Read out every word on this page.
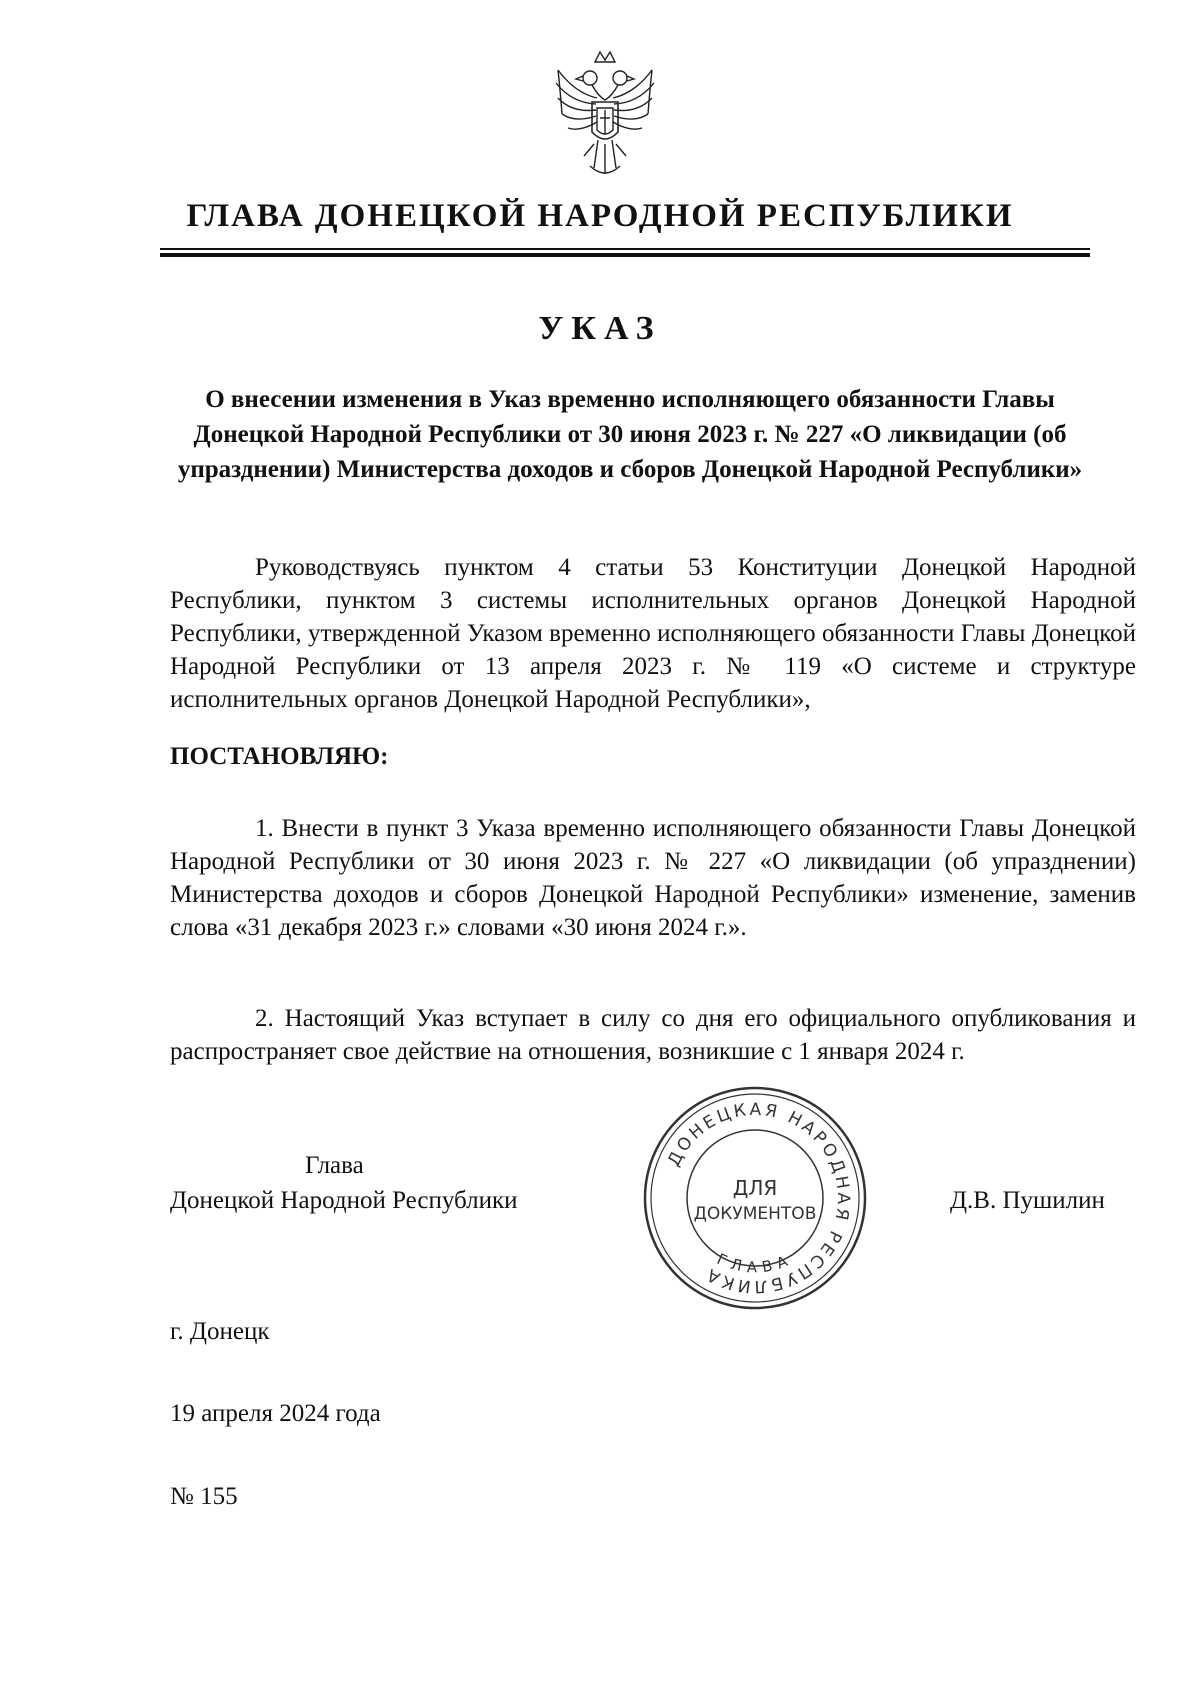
ГЛАВА ДОНЕЦКОЙ НАРОДНОЙ РЕСПУБЛИКИ
УКАЗ
О внесении изменения в Указ временно исполняющего обязанности Главы Донецкой Народной Республики от 30 июня 2023 г. № 227 «О ликвидации (об упразднении) Министерства доходов и сборов Донецкой Народной Республики»
Руководствуясь пунктом 4 статьи 53 Конституции Донецкой Народной Республики, пунктом 3 системы исполнительных органов Донецкой Народной Республики, утвержденной Указом временно исполняющего обязанности Главы Донецкой Народной Республики от 13 апреля 2023 г. № 119 «О системе и структуре исполнительных органов Донецкой Народной Республики»,
ПОСТАНОВЛЯЮ:
1. Внести в пункт 3 Указа временно исполняющего обязанности Главы Донецкой Народной Республики от 30 июня 2023 г. № 227 «О ликвидации (об упразднении) Министерства доходов и сборов Донецкой Народной Республики» изменение, заменив слова «31 декабря 2023 г.» словами «30 июня 2024 г.».
2. Настоящий Указ вступает в силу со дня его официального опубликования и распространяет свое действие на отношения, возникшие с 1 января 2024 г.
Глава
Донецкой Народной Республики	Д.В. Пушилин
ДОНЕЦКАЯ НАРОДНАЯ РЕСПУБЛИКА
ГЛАВА
ДЛЯ
ДОКУМЕНТОВ
г. Донецк
19 апреля 2024 года
№ 155
